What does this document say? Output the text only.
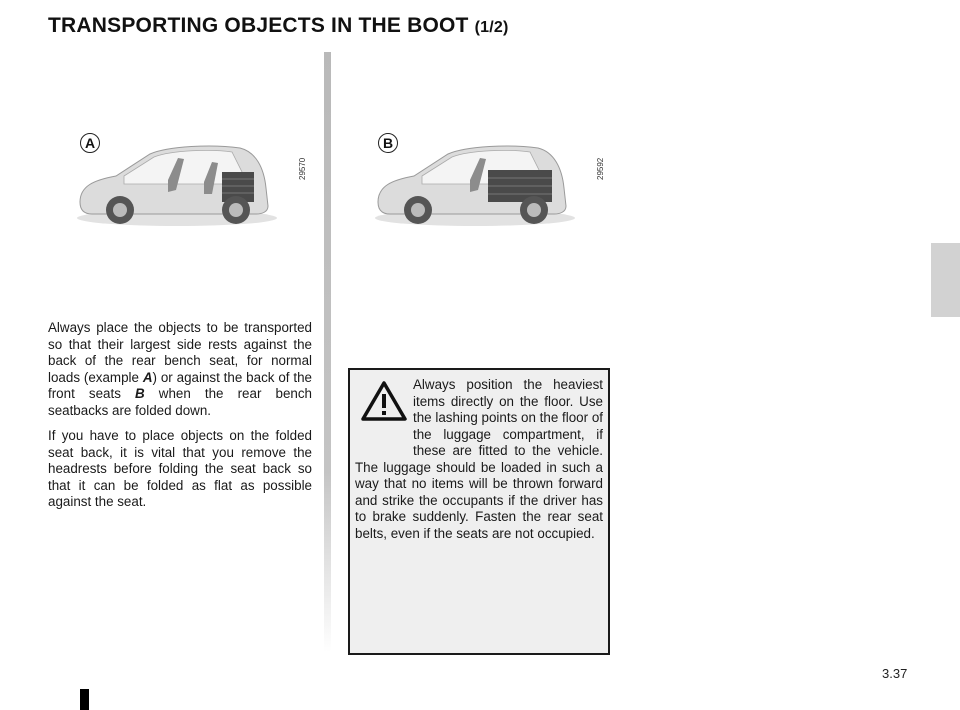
TRANSPORTING OBJECTS IN THE BOOT (1/2)
A
29570
B
29592

Always place the objects to be transported so that their largest side rests against the back of the rear bench seat, for normal loads (example A) or against the back of the front seats B when the rear bench seatbacks are folded down.

If you have to place objects on the folded seat back, it is vital that you remove the headrests before folding the seat back so that it can be folded as flat as possible against the seat.

Always position the heaviest items directly on the floor. Use the lashing points on the floor of the luggage compartment, if these are fitted to the vehicle. The luggage should be loaded in such a way that no items will be thrown forward and strike the occupants if the driver has to brake suddenly. Fasten the rear seat belts, even if the seats are not occupied.
3.37
